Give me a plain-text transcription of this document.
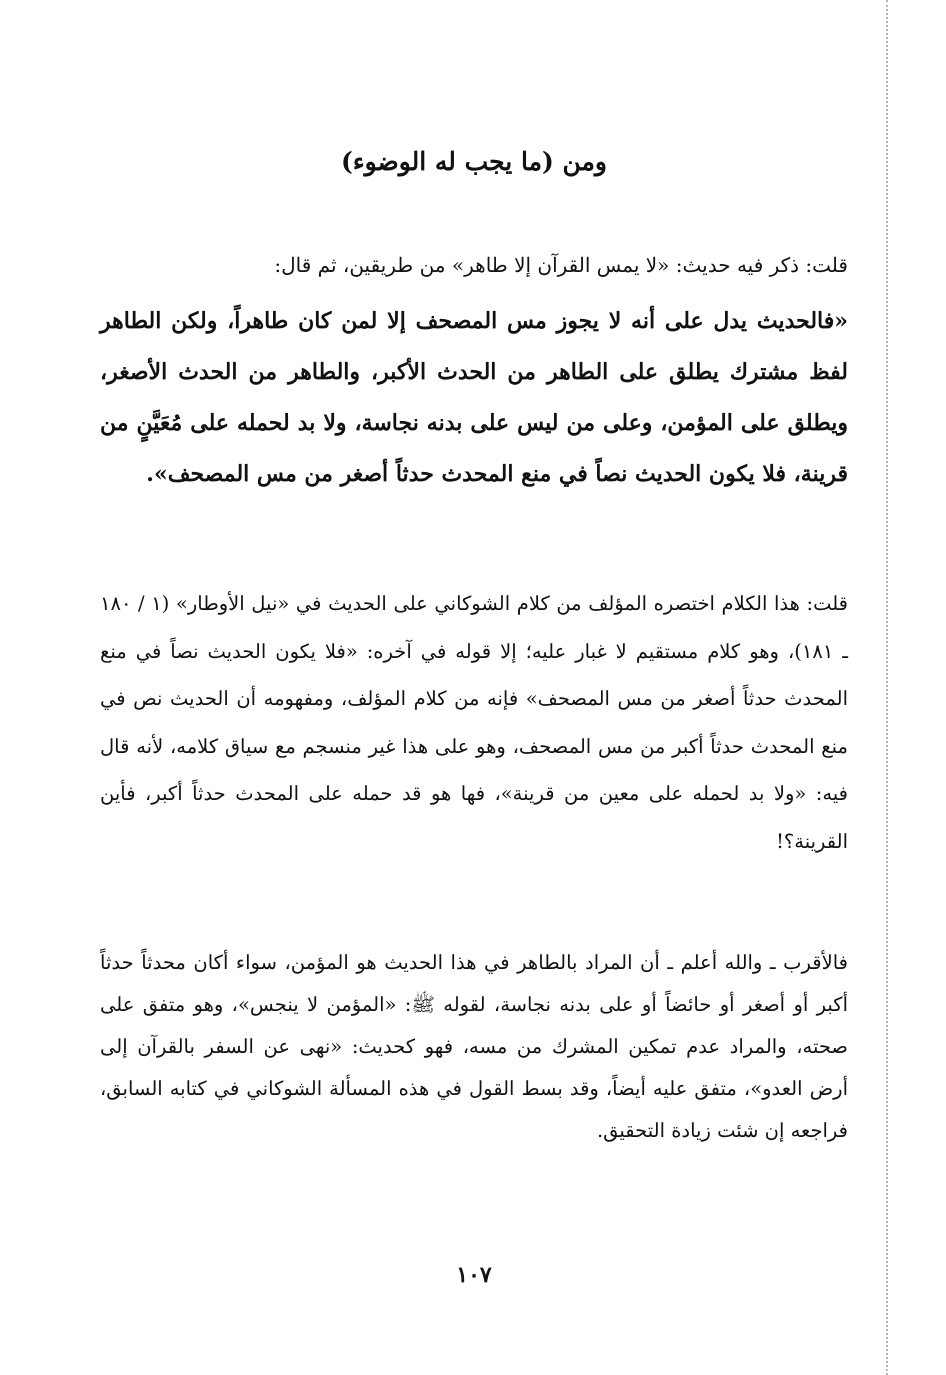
ومن (ما يجب له الوضوء)

قلت: ذكر فيه حديث: «لا يمس القرآن إلا طاهر» من طريقين، ثم قال:

«فالحديث يدل على أنه لا يجوز مس المصحف إلا لمن كان طاهراً، ولكن الطاهر لفظ مشترك يطلق على الطاهر من الحدث الأكبر، والطاهر من الحدث الأصغر، ويطلق على المؤمن، وعلى من ليس على بدنه نجاسة، ولا بد لحمله على مُعَيَّنٍ من قرينة، فلا يكون الحديث نصاً في منع المحدث حدثاً أصغر من مس المصحف».

قلت: هذا الكلام اختصره المؤلف من كلام الشوكاني على الحديث في «نيل الأوطار» (١ / ١٨٠ ـ ١٨١)، وهو كلام مستقيم لا غبار عليه؛ إلا قوله في آخره: «فلا يكون الحديث نصاً في منع المحدث حدثاً أصغر من مس المصحف» فإنه من كلام المؤلف، ومفهومه أن الحديث نص في منع المحدث حدثاً أكبر من مس المصحف، وهو على هذا غير منسجم مع سياق كلامه، لأنه قال فيه: «ولا بد لحمله على معين من قرينة»، فها هو قد حمله على المحدث حدثاً أكبر، فأين القرينة؟!

فالأقرب ـ والله أعلم ـ أن المراد بالطاهر في هذا الحديث هو المؤمن، سواء أكان محدثاً حدثاً أكبر أو أصغر أو حائضاً أو على بدنه نجاسة، لقوله ﷺ: «المؤمن لا ينجس»، وهو متفق على صحته، والمراد عدم تمكين المشرك من مسه، فهو كحديث: «نهى عن السفر بالقرآن إلى أرض العدو»، متفق عليه أيضاً، وقد بسط القول في هذه المسألة الشوكاني في كتابه السابق، فراجعه إن شئت زيادة التحقيق.

١٠٧
